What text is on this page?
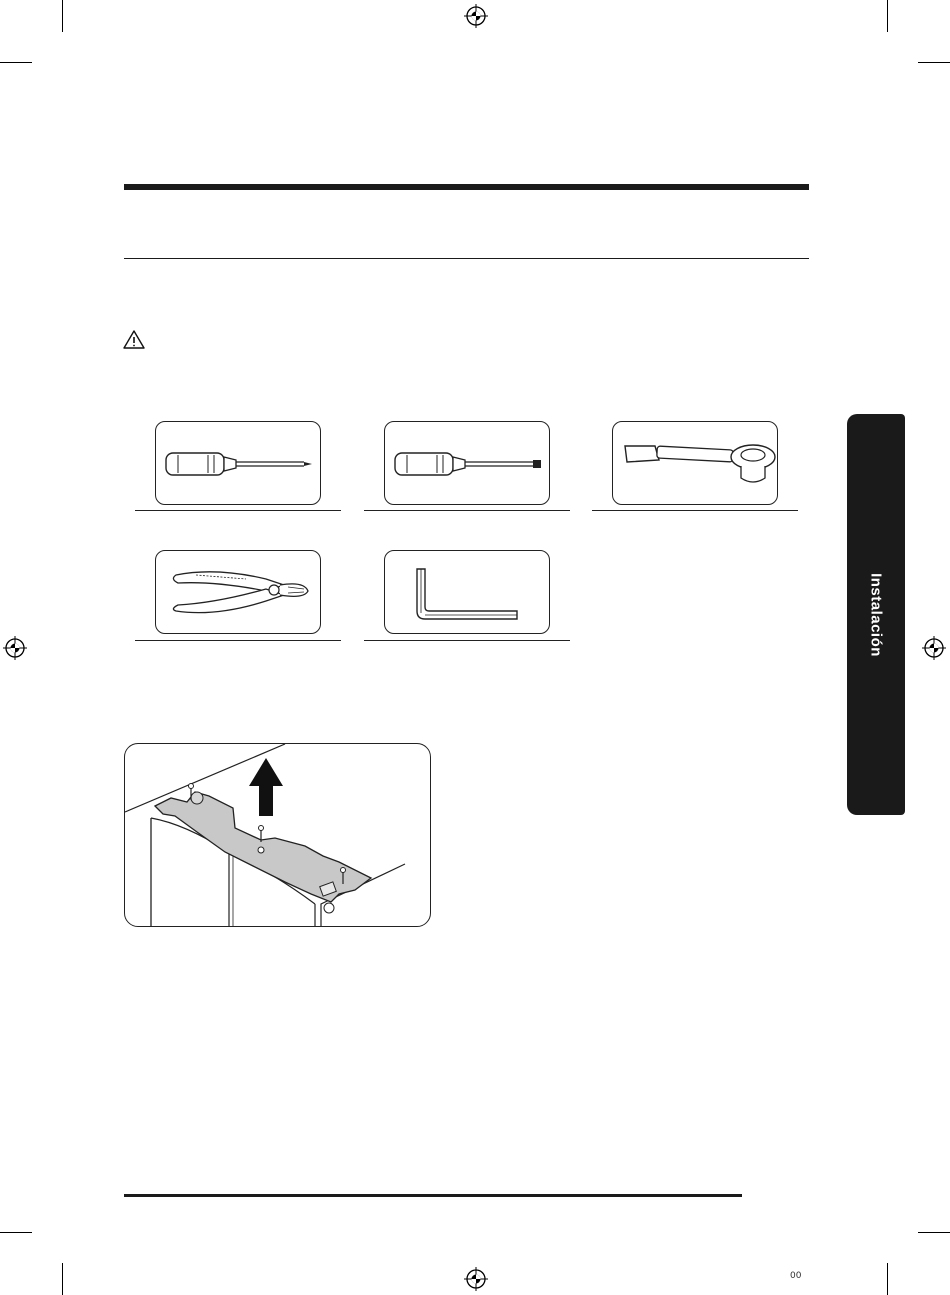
Instalación
00
